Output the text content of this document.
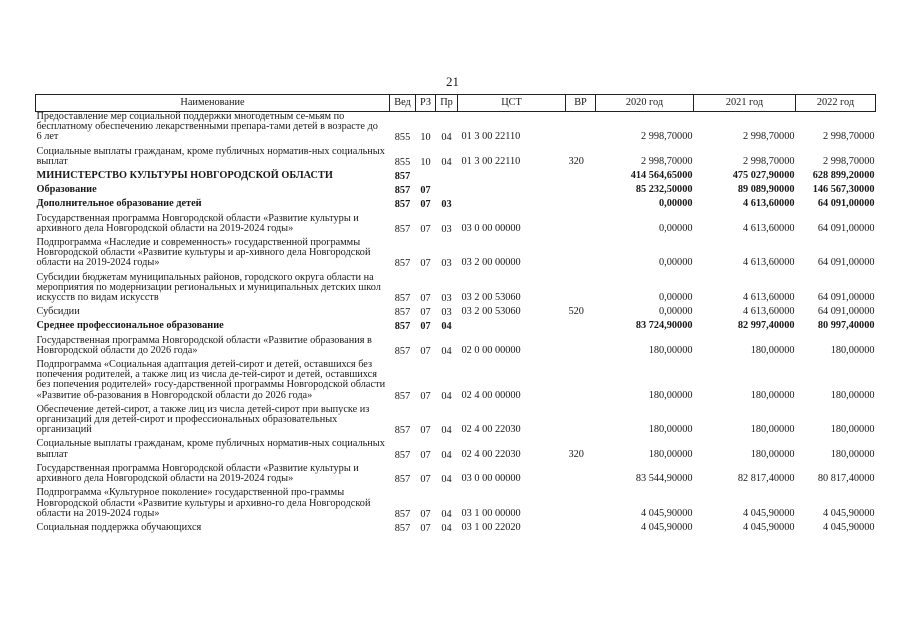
21
Наименование	Вед	РЗ	Пр	ЦСТ	ВР	2020 год	2021 год	2022 год
Предоставление мер социальной поддержки многодетным се-мьям по бесплатному обеспечению лекарственными препара-тами детей в возрасте до 6 лет	855	10	04	01 3 00 22110		2 998,70000	2 998,70000	2 998,70000
Социальные выплаты гражданам, кроме публичных норматив-ных социальных выплат	855	10	04	01 3 00 22110	320	2 998,70000	2 998,70000	2 998,70000
МИНИСТЕРСТВО КУЛЬТУРЫ НОВГОРОДСКОЙ ОБЛАСТИ	857					414 564,65000	475 027,90000	628 899,20000
Образование	857	07				85 232,50000	89 089,90000	146 567,30000
Дополнительное образование детей	857	07	03			0,00000	4 613,60000	64 091,00000
Государственная программа Новгородской области «Развитие культуры и архивного дела Новгородской области на 2019-2024 годы»	857	07	03	03 0 00 00000		0,00000	4 613,60000	64 091,00000
Подпрограмма «Наследие и современность» государственной программы Новгородской области «Развитие культуры и ар-хивного дела Новгородской области на 2019-2024 годы»	857	07	03	03 2 00 00000		0,00000	4 613,60000	64 091,00000
Субсидии бюджетам муниципальных районов, городского округа области на мероприятия по модернизации региональных и муниципальных детских школ искусств по видам искусств	857	07	03	03 2 00 53060		0,00000	4 613,60000	64 091,00000
Субсидии	857	07	03	03 2 00 53060	520	0,00000	4 613,60000	64 091,00000
Среднее профессиональное образование	857	07	04			83 724,90000	82 997,40000	80 997,40000
Государственная программа Новгородской области «Развитие образования в Новгородской области до 2026 года»	857	07	04	02 0 00 00000		180,00000	180,00000	180,00000
Подпрограмма «Социальная адаптация детей-сирот и детей, оставшихся без попечения родителей, а также лиц из числа де-тей-сирот и детей, оставшихся без попечения родителей» госу-дарственной программы Новгородской области «Развитие об-разования в Новгородской области до 2026 года»	857	07	04	02 4 00 00000		180,00000	180,00000	180,00000
Обеспечение детей-сирот, а также лиц из числа детей-сирот при выпуске из организаций для детей-сирот и профессиональных образовательных организаций	857	07	04	02 4 00 22030		180,00000	180,00000	180,00000
Социальные выплаты гражданам, кроме публичных норматив-ных социальных выплат	857	07	04	02 4 00 22030	320	180,00000	180,00000	180,00000
Государственная программа Новгородской области «Развитие культуры и архивного дела Новгородской области на 2019-2024 годы»	857	07	04	03 0 00 00000		83 544,90000	82 817,40000	80 817,40000
Подпрограмма «Культурное поколение» государственной про-граммы Новгородской области «Развитие культуры и архивно-го дела Новгородской области на 2019-2024 годы»	857	07	04	03 1 00 00000		4 045,90000	4 045,90000	4 045,90000
Социальная поддержка обучающихся	857	07	04	03 1 00 22020		4 045,90000	4 045,90000	4 045,90000
